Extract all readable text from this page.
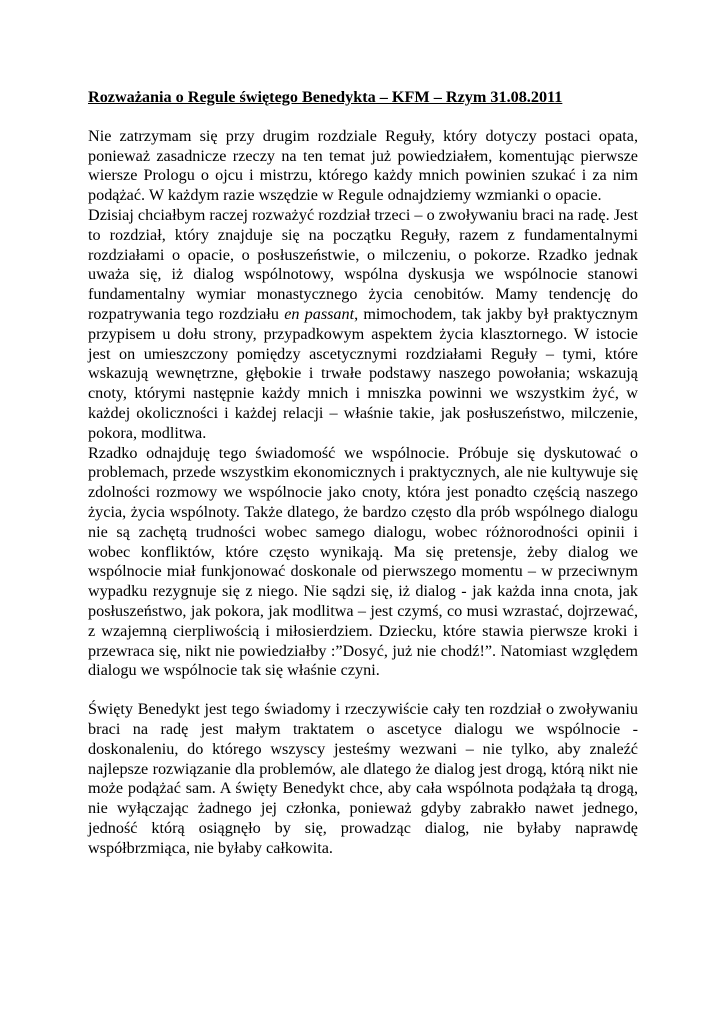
Rozważania o Regule świętego Benedykta – KFM – Rzym 31.08.2011

Nie zatrzymam się przy drugim rozdziale Reguły, który dotyczy postaci opata, ponieważ zasadnicze rzeczy na ten temat już powiedziałem, komentując pierwsze wiersze Prologu o ojcu i mistrzu, którego każdy mnich powinien szukać i za nim podążać. W każdym razie wszędzie w Regule odnajdziemy wzmianki o opacie.

Dzisiaj chciałbym raczej rozważyć rozdział trzeci – o zwoływaniu braci na radę. Jest to rozdział, który znajduje się na początku Reguły, razem z fundamentalnymi rozdziałami o opacie, o posłuszeństwie, o milczeniu, o pokorze. Rzadko jednak uważa się, iż dialog wspólnotowy, wspólna dyskusja we wspólnocie stanowi fundamentalny wymiar monastycznego życia cenobitów. Mamy tendencję do rozpatrywania tego rozdziału en passant, mimochodem, tak jakby był praktycznym przypisem u dołu strony, przypadkowym aspektem życia klasztornego. W istocie jest on umieszczony pomiędzy ascetycznymi rozdziałami Reguły – tymi, które wskazują wewnętrzne, głębokie i trwałe podstawy naszego powołania; wskazują cnoty, którymi następnie każdy mnich i mniszka powinni we wszystkim żyć, w każdej okoliczności i każdej relacji – właśnie takie, jak posłuszeństwo, milczenie, pokora, modlitwa.

Rzadko odnajduję tego świadomość we wspólnocie. Próbuje się dyskutować o problemach, przede wszystkim ekonomicznych i praktycznych, ale nie kultywuje się zdolności rozmowy we wspólnocie jako cnoty, która jest ponadto częścią naszego życia, życia wspólnoty. Także dlatego, że bardzo często dla prób wspólnego dialogu nie są zachętą trudności wobec samego dialogu, wobec różnorodności opinii i wobec konfliktów, które często wynikają. Ma się pretensje, żeby dialog we wspólnocie miał funkjonować doskonale od pierwszego momentu – w przeciwnym wypadku rezygnuje się z niego. Nie sądzi się, iż dialog - jak każda inna cnota, jak posłuszeństwo, jak pokora, jak modlitwa – jest czymś, co musi wzrastać, dojrzewać, z wzajemną cierpliwością i miłosierdziem. Dziecku, które stawia pierwsze kroki i przewraca się, nikt nie powiedziałby :”Dosyć, już nie chodź!”. Natomiast względem dialogu we wspólnocie tak się właśnie czyni.

Święty Benedykt jest tego świadomy i rzeczywiście cały ten rozdział o zwoływaniu braci na radę jest małym traktatem o ascetyce dialogu we wspólnocie - doskonaleniu, do którego wszyscy jesteśmy wezwani – nie tylko, aby znaleźć najlepsze rozwiązanie dla problemów, ale dlatego że dialog jest drogą, którą nikt nie może podążać sam. A święty Benedykt chce, aby cała wspólnota podążała tą drogą, nie wyłączając żadnego jej członka, ponieważ gdyby zabrakło nawet jednego, jedność którą osiągnęło by się, prowadząc dialog, nie byłaby naprawdę współbrzmiąca, nie byłaby całkowita.
